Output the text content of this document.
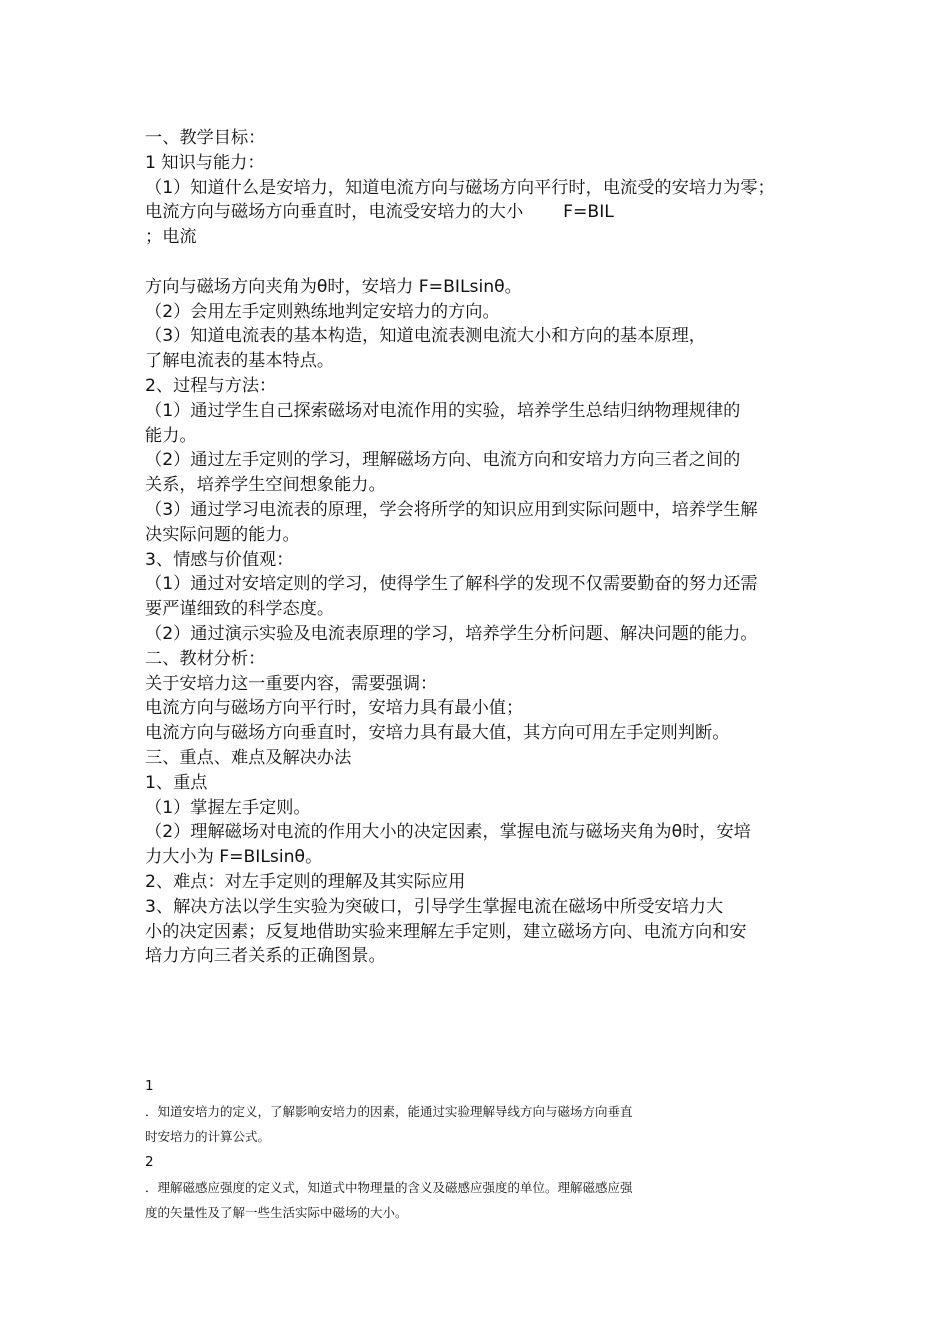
一、教学目标：
1 知识与能力：
（1）知道什么是安培力，知道电流方向与磁场方向平行时，电流受的安培力为零；
电流方向与磁场方向垂直时，电流受安培力的大小 F=BIL
；电流
方向与磁场方向夹角为θ时，安培力 F=BILsinθ。
（2）会用左手定则熟练地判定安培力的方向。
（3）知道电流表的基本构造，知道电流表测电流大小和方向的基本原理，
了解电流表的基本特点。
2、过程与方法：
（1）通过学生自己探索磁场对电流作用的实验，培养学生总结归纳物理规律的
能力。
（2）通过左手定则的学习，理解磁场方向、电流方向和安培力方向三者之间的
关系，培养学生空间想象能力。
（3）通过学习电流表的原理，学会将所学的知识应用到实际问题中，培养学生解
决实际问题的能力。
3、情感与价值观：
（1）通过对安培定则的学习，使得学生了解科学的发现不仅需要勤奋的努力还需
要严谨细致的科学态度。
（2）通过演示实验及电流表原理的学习，培养学生分析问题、解决问题的能力。
二、教材分析：
关于安培力这一重要内容，需要强调：
电流方向与磁场方向平行时，安培力具有最小值；
电流方向与磁场方向垂直时，安培力具有最大值，其方向可用左手定则判断。
三、重点、难点及解决办法
1、重点
（1）掌握左手定则。
（2）理解磁场对电流的作用大小的决定因素，掌握电流与磁场夹角为θ时，安培
力大小为 F=BILsinθ。
2、难点：对左手定则的理解及其实际应用
3、解决方法以学生实验为突破口，引导学生掌握电流在磁场中所受安培力大
小的决定因素；反复地借助实验来理解左手定则，建立磁场方向、电流方向和安
培力方向三者关系的正确图景。
1
．知道安培力的定义，了解影响安培力的因素，能通过实验理解导线方向与磁场方向垂直
时安培力的计算公式。
2
．理解磁感应强度的定义式，知道式中物理量的含义及磁感应强度的单位。理解磁感应强
度的矢量性及了解一些生活实际中磁场的大小。
